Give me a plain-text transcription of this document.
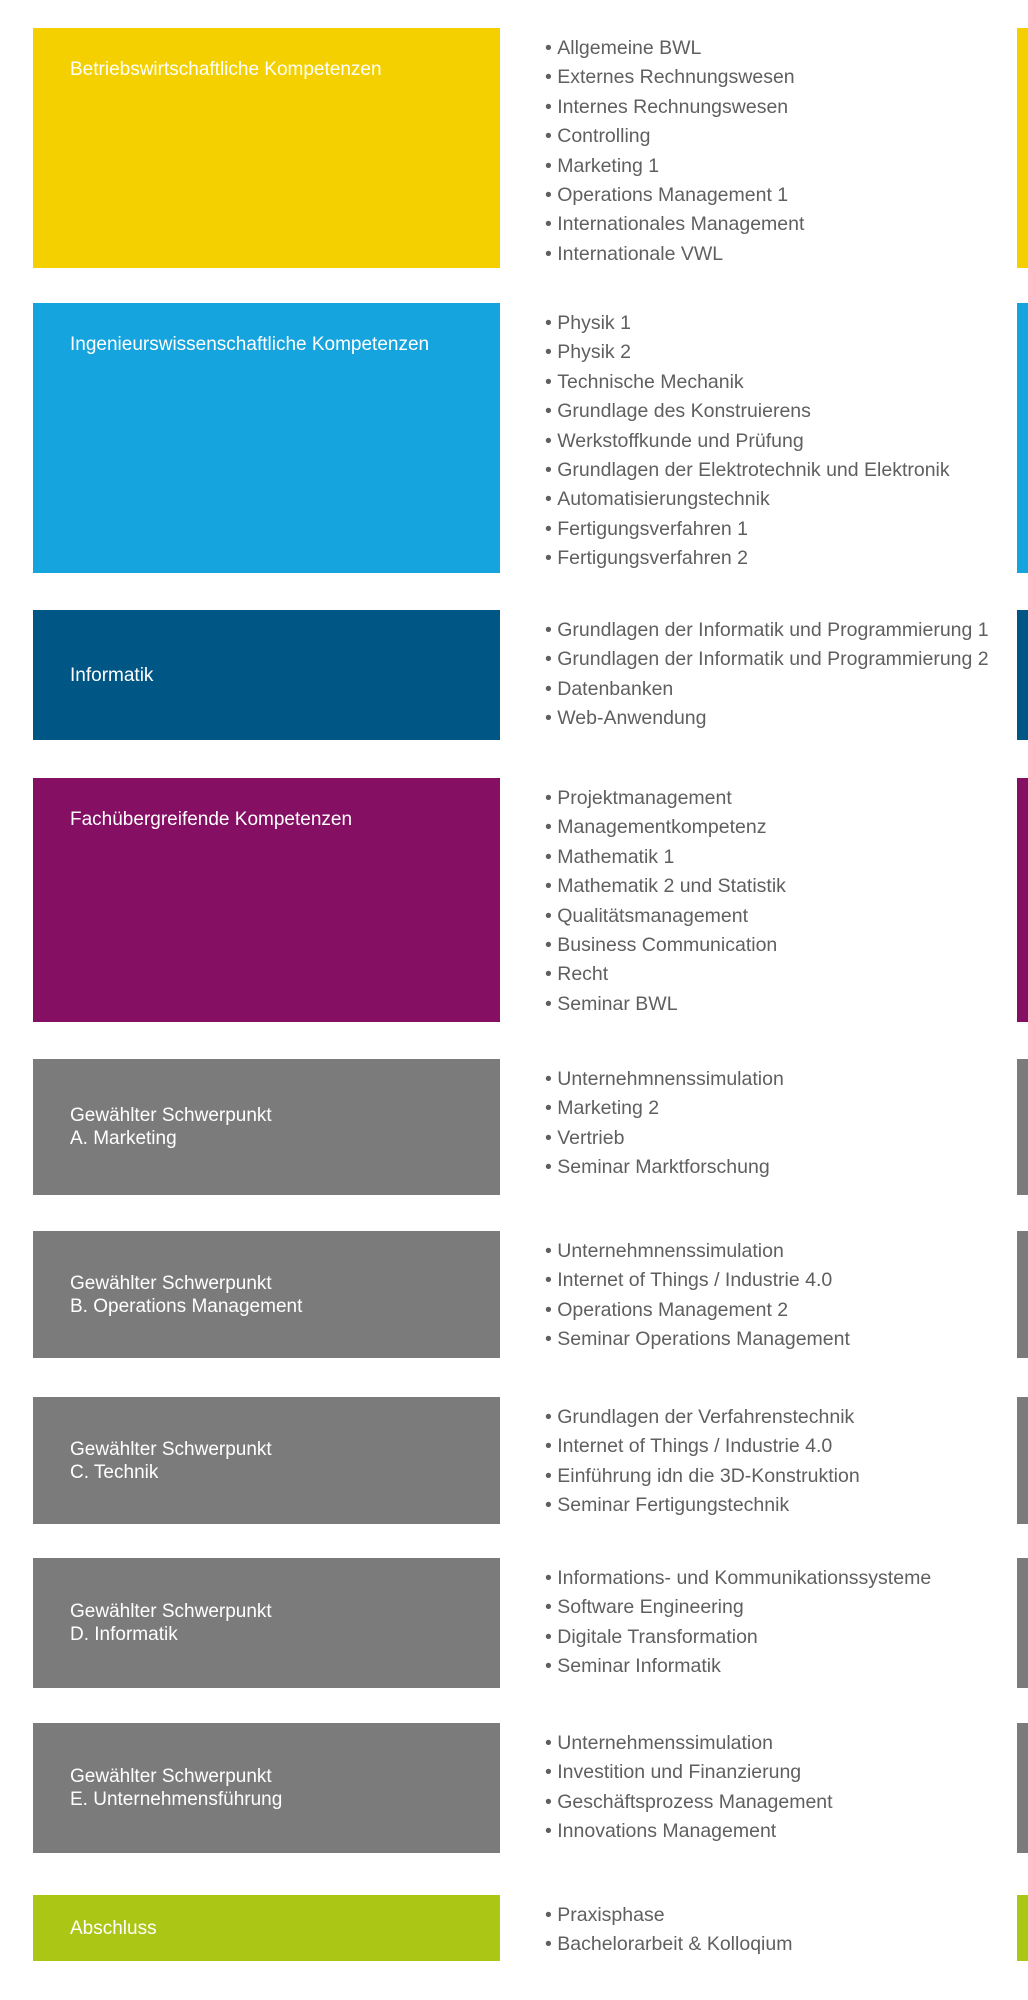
Betriebswirtschaftliche Kompetenzen
• Allgemeine BWL
• Externes Rechnungswesen
• Internes Rechnungswesen
• Controlling
• Marketing 1
• Operations Management 1
• Internationales Management
• Internationale VWL
Ingenieurswissenschaftliche Kompetenzen
• Physik 1
• Physik 2
• Technische Mechanik
• Grundlage des Konstruierens
• Werkstoffkunde und Prüfung
• Grundlagen der Elektrotechnik und Elektronik
• Automatisierungstechnik
• Fertigungsverfahren 1
• Fertigungsverfahren 2
Informatik
• Grundlagen der Informatik und Programmierung 1
• Grundlagen der Informatik und Programmierung 2
• Datenbanken
• Web-Anwendung
Fachübergreifende Kompetenzen
• Projektmanagement
• Managementkompetenz
• Mathematik 1
• Mathematik 2 und Statistik
• Qualitätsmanagement
• Business Communication
• Recht
• Seminar BWL
Gewählter Schwerpunkt
A. Marketing
• Unternehmnenssimulation
• Marketing 2
• Vertrieb
• Seminar Marktforschung
Gewählter Schwerpunkt
B. Operations Management
• Unternehmnenssimulation
• Internet of Things / Industrie 4.0
• Operations Management 2
• Seminar Operations Management
Gewählter Schwerpunkt
C. Technik
• Grundlagen der Verfahrenstechnik
• Internet of Things / Industrie 4.0
• Einführung idn die 3D-Konstruktion
• Seminar Fertigungstechnik
Gewählter Schwerpunkt
D. Informatik
• Informations- und Kommunikationssysteme
• Software Engineering
• Digitale Transformation
• Seminar Informatik
Gewählter Schwerpunkt
E. Unternehmensführung
• Unternehmenssimulation
• Investition und Finanzierung
• Geschäftsprozess Management
• Innovations Management
Abschluss
• Praxisphase
• Bachelorarbeit & Kolloqium
